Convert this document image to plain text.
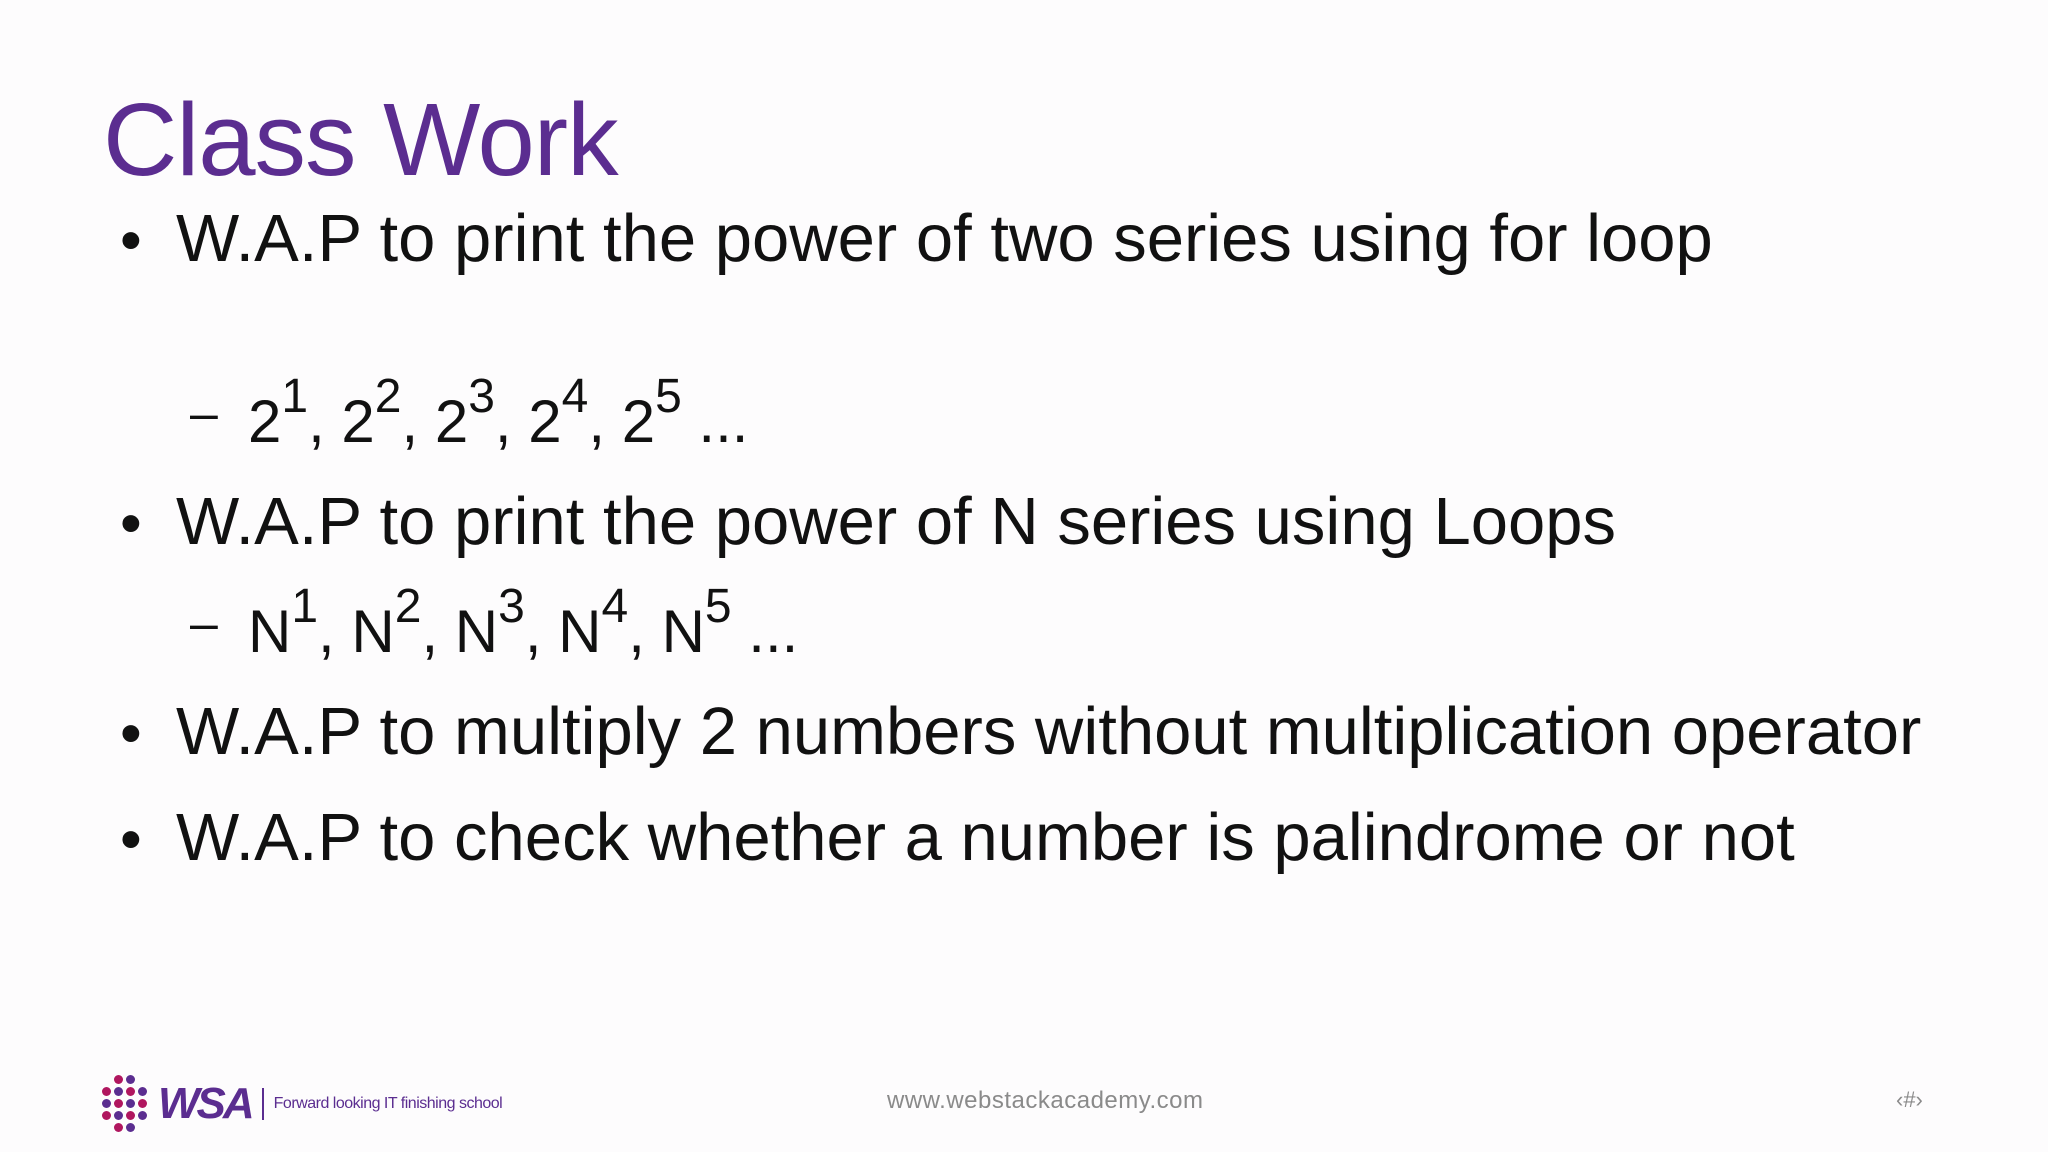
Class Work
• W.A.P to print the power of two series using for loop
– $2^1$, $2^2$, $2^3$, $2^4$, $2^5$ ...
• W.A.P to print the power of N series using Loops
– $N^1$, $N^2$, $N^3$, $N^4$, $N^5$ ...
• W.A.P to multiply 2 numbers without multiplication operator
• W.A.P to check whether a number is palindrome or not
WSA Forward looking IT finishing school	www.webstackacademy.com	‹#›
